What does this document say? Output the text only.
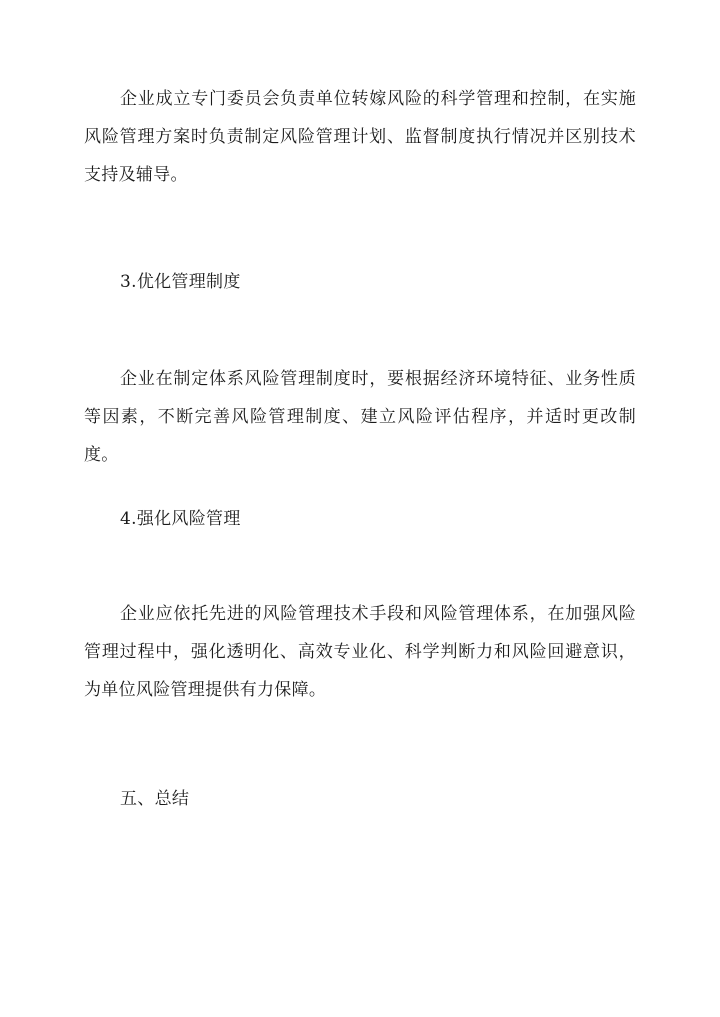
企业成立专门委员会负责单位转嫁风险的科学管理和控制，在实施风险管理方案时负责制定风险管理计划、监督制度执行情况并区别技术支持及辅导。

3.优化管理制度

企业在制定体系风险管理制度时，要根据经济环境特征、业务性质等因素，不断完善风险管理制度、建立风险评估程序，并适时更改制度。

4.强化风险管理

企业应依托先进的风险管理技术手段和风险管理体系，在加强风险管理过程中，强化透明化、高效专业化、科学判断力和风险回避意识，为单位风险管理提供有力保障。

五、总结
